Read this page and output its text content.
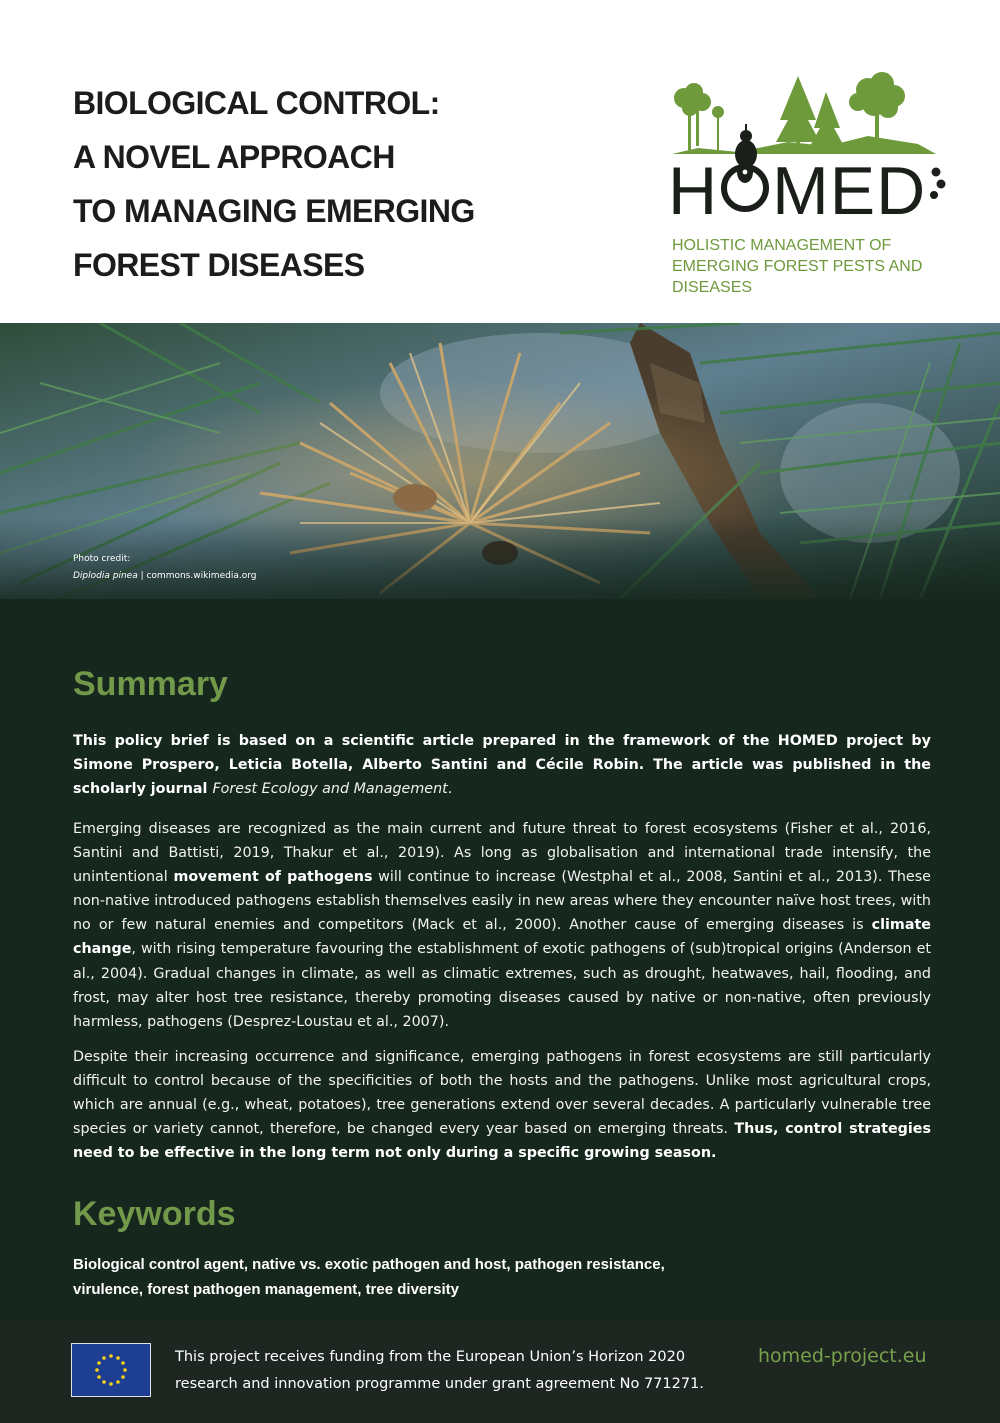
BIOLOGICAL CONTROL:
A NOVEL APPROACH
TO MANAGING EMERGING
FOREST DISEASES
H MED
HOLISTIC MANAGEMENT OF
EMERGING FOREST PESTS AND
DISEASES
Photo credit:
Diplodia pinea | commons.wikimedia.org
Summary

This policy brief is based on a scientific article prepared in the framework of the HOMED project by Simone Prospero, Leticia Botella, Alberto Santini and Cécile Robin. The article was published in the scholarly journal Forest Ecology and Management.

Emerging diseases are recognized as the main current and future threat to forest ecosystems (Fisher et al., 2016, Santini and Battisti, 2019, Thakur et al., 2019). As long as globalisation and international trade intensify, the unintentional movement of pathogens will continue to increase (Westphal et al., 2008, Santini et al., 2013). These non-native introduced pathogens establish themselves easily in new areas where they encounter naïve host trees, with no or few natural enemies and competitors (Mack et al., 2000). Another cause of emerging diseases is climate change, with rising temperature favouring the establishment of exotic pathogens of (sub)tropical origins (Anderson et al., 2004). Gradual changes in climate, as well as climatic extremes, such as drought, heatwaves, hail, flooding, and frost, may alter host tree resistance, thereby promoting diseases caused by native or non-native, often previously harmless, pathogens (Desprez-Loustau et al., 2007).

Despite their increasing occurrence and significance, emerging pathogens in forest ecosystems are still particularly difficult to control because of the specificities of both the hosts and the pathogens. Unlike most agricultural crops, which are annual (e.g., wheat, potatoes), tree generations extend over several decades. A particularly vulnerable tree species or variety cannot, therefore, be changed every year based on emerging threats. Thus, control strategies need to be effective in the long term not only during a specific growing season.

Keywords

Biological control agent, native vs. exotic pathogen and host, pathogen resistance,
virulence, forest pathogen management, tree diversity

This project receives funding from the European Union’s Horizon 2020
research and innovation programme under grant agreement No 771271.

homed-project.eu
